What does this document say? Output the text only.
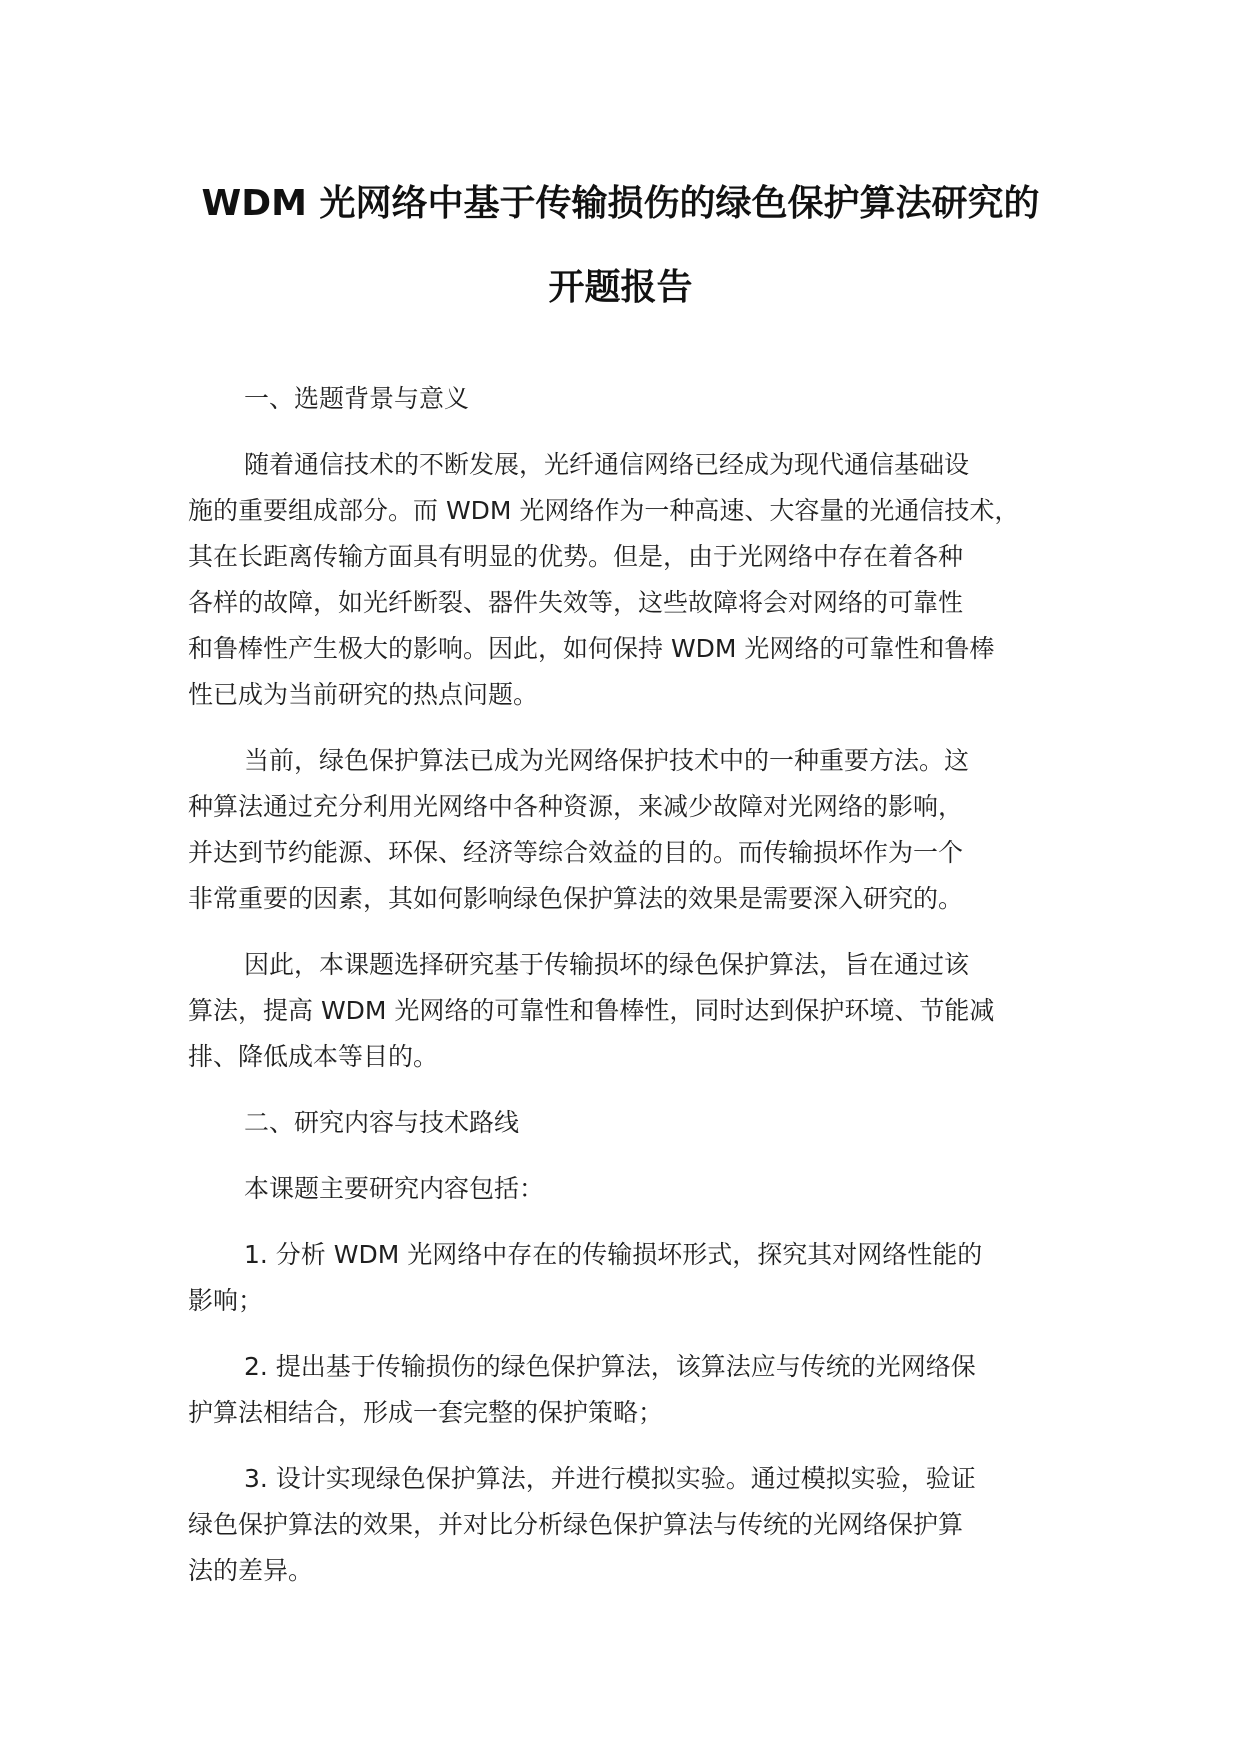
WDM 光网络中基于传输损伤的绿色保护算法研究的
开题报告

一、选题背景与意义

随着通信技术的不断发展，光纤通信网络已经成为现代通信基础设
施的重要组成部分。而 WDM 光网络作为一种高速、大容量的光通信技术，
其在长距离传输方面具有明显的优势。但是，由于光网络中存在着各种
各样的故障，如光纤断裂、器件失效等，这些故障将会对网络的可靠性
和鲁棒性产生极大的影响。因此，如何保持 WDM 光网络的可靠性和鲁棒
性已成为当前研究的热点问题。

当前，绿色保护算法已成为光网络保护技术中的一种重要方法。这
种算法通过充分利用光网络中各种资源，来减少故障对光网络的影响，
并达到节约能源、环保、经济等综合效益的目的。而传输损坏作为一个
非常重要的因素，其如何影响绿色保护算法的效果是需要深入研究的。

因此，本课题选择研究基于传输损坏的绿色保护算法，旨在通过该
算法，提高 WDM 光网络的可靠性和鲁棒性，同时达到保护环境、节能减
排、降低成本等目的。

二、研究内容与技术路线

本课题主要研究内容包括：

1. 分析 WDM 光网络中存在的传输损坏形式，探究其对网络性能的
影响；

2. 提出基于传输损伤的绿色保护算法，该算法应与传统的光网络保
护算法相结合，形成一套完整的保护策略；

3. 设计实现绿色保护算法，并进行模拟实验。通过模拟实验，验证
绿色保护算法的效果，并对比分析绿色保护算法与传统的光网络保护算
法的差异。
